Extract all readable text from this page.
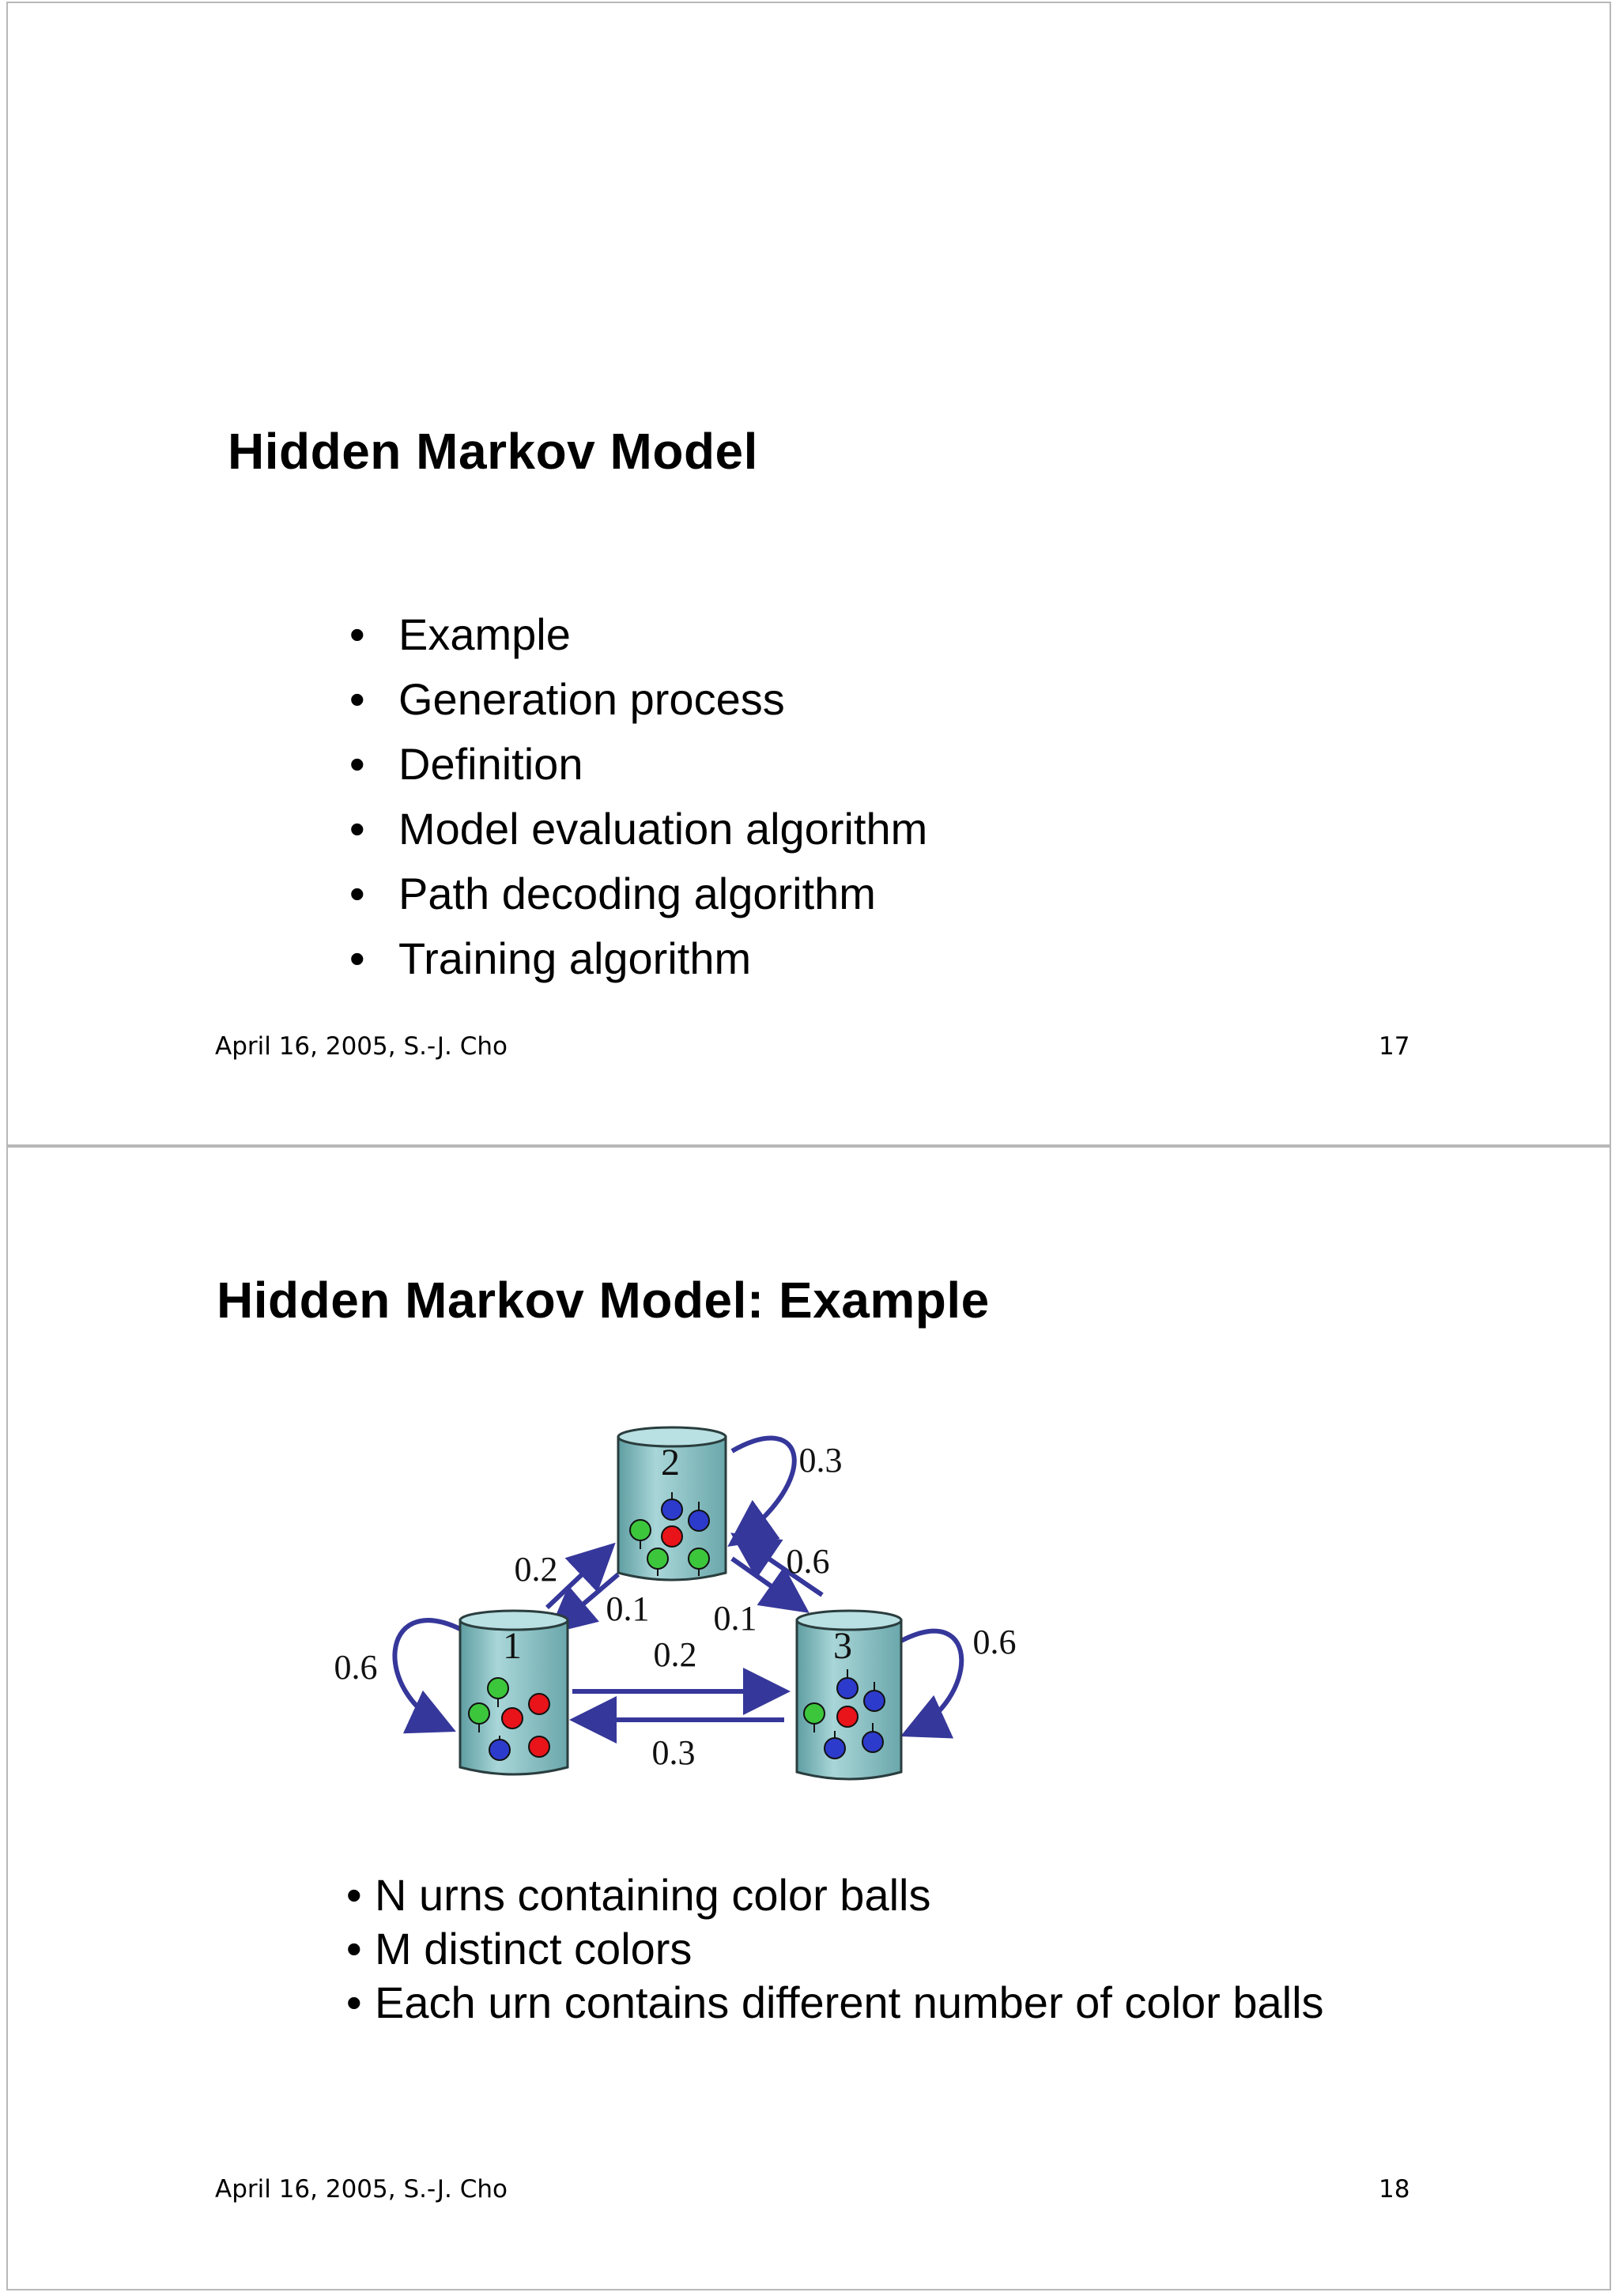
Hidden Markov Model
• Example
• Generation process
• Definition
• Model evaluation algorithm
• Path decoding algorithm
• Training algorithm
April 16, 2005, S.-J. Cho	17
Hidden Markov Model: Example
2
1	3
0.6
0.2
0.1
0.2
0.3
0.3
0.1
0.6
0.6
• N urns containing color balls
• M distinct colors
• Each urn contains different number of color balls
April 16, 2005, S.-J. Cho	18
